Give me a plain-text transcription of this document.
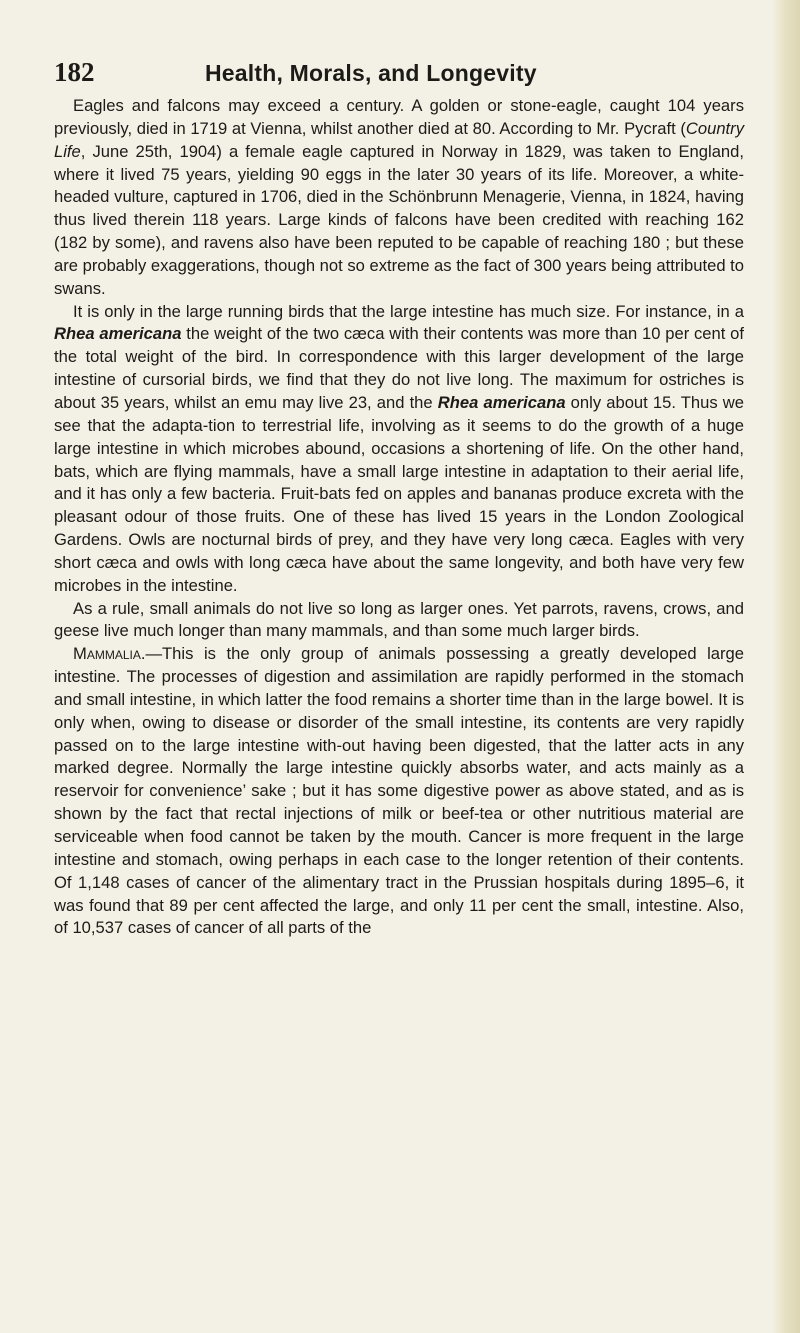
182	Health, Morals, and Longevity

Eagles and falcons may exceed a century. A golden or stone-eagle, caught 104 years previously, died in 1719 at Vienna, whilst another died at 80. According to Mr. Pycraft (Country Life, June 25th, 1904) a female eagle captured in Norway in 1829, was taken to England, where it lived 75 years, yielding 90 eggs in the later 30 years of its life. Moreover, a white-headed vulture, captured in 1706, died in the Schönbrunn Menagerie, Vienna, in 1824, having thus lived therein 118 years. Large kinds of falcons have been credited with reaching 162 (182 by some), and ravens also have been reputed to be capable of reaching 180 ; but these are probably exaggerations, though not so extreme as the fact of 300 years being attributed to swans.

It is only in the large running birds that the large intestine has much size. For instance, in a Rhea americana the weight of the two cæca with their contents was more than 10 per cent of the total weight of the bird. In correspondence with this larger development of the large intestine of cursorial birds, we find that they do not live long. The maximum for ostriches is about 35 years, whilst an emu may live 23, and the Rhea americana only about 15. Thus we see that the adapta-tion to terrestrial life, involving as it seems to do the growth of a huge large intestine in which microbes abound, occasions a shortening of life. On the other hand, bats, which are flying mammals, have a small large intestine in adaptation to their aerial life, and it has only a few bacteria. Fruit-bats fed on apples and bananas produce excreta with the pleasant odour of those fruits. One of these has lived 15 years in the London Zoological Gardens. Owls are nocturnal birds of prey, and they have very long cæca. Eagles with very short cæca and owls with long cæca have about the same longevity, and both have very few microbes in the intestine.

As a rule, small animals do not live so long as larger ones. Yet parrots, ravens, crows, and geese live much longer than many mammals, and than some much larger birds.

Mammalia.—This is the only group of animals possessing a greatly developed large intestine. The processes of digestion and assimilation are rapidly performed in the stomach and small intestine, in which latter the food remains a shorter time than in the large bowel. It is only when, owing to disease or disorder of the small intestine, its contents are very rapidly passed on to the large intestine with-out having been digested, that the latter acts in any marked degree. Normally the large intestine quickly absorbs water, and acts mainly as a reservoir for convenience’ sake ; but it has some digestive power as above stated, and as is shown by the fact that rectal injections of milk or beef-tea or other nutritious material are serviceable when food cannot be taken by the mouth. Cancer is more frequent in the large intestine and stomach, owing perhaps in each case to the longer retention of their contents. Of 1,148 cases of cancer of the alimentary tract in the Prussian hospitals during 1895–6, it was found that 89 per cent affected the large, and only 11 per cent the small, intestine. Also, of 10,537 cases of cancer of all parts of the
